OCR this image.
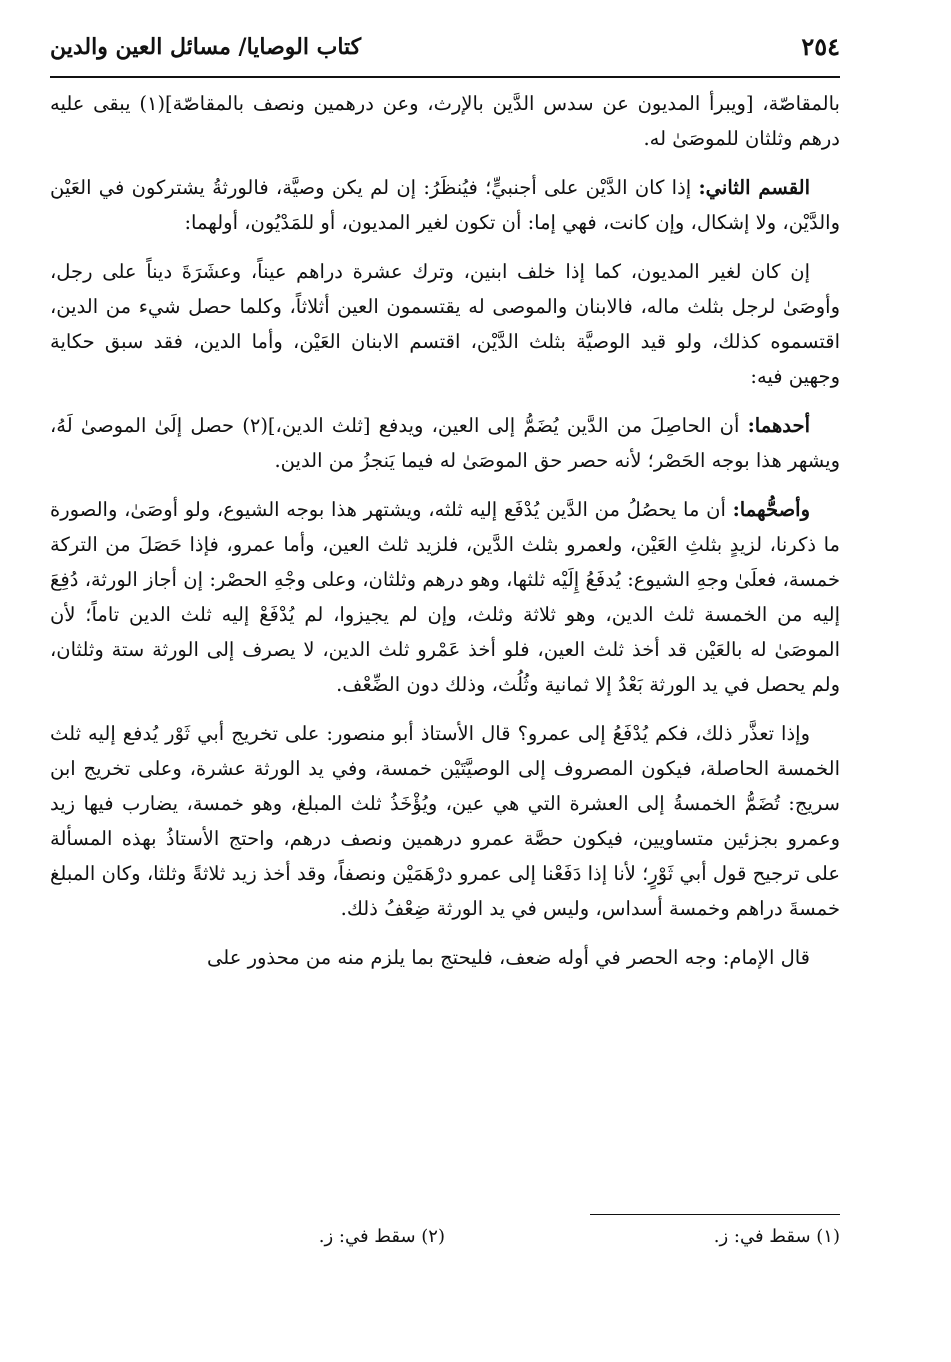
٢٥٤
كتاب الوصايا/ مسائل العين والدين

بالمقاصّة، [ويبرأ المديون عن سدس الدَّين بالإرث، وعن درهمين ونصف بالمقاصّة](١) يبقى عليه درهم وثلثان للموصَىٰ له.

القسم الثاني: إذا كان الدَّيْن على أجنبيٍّ؛ فيُنظَرُ: إن لم يكن وصيَّة، فالورثةُ يشتركون في العَيْن والدَّيْن، ولا إشكال، وإن كانت، فهي إما: أن تكون لغير المديون، أو للمَدْيُون، أولهما:

إن كان لغير المديون، كما إذا خلف ابنين، وترك عشرة دراهم عيناً، وعشَرَةَ ديناً على رجل، وأوصَىٰ لرجل بثلث ماله، فالابنان والموصى له يقتسمون العين أثلاثاً، وكلما حصل شيء من الدين، اقتسموه كذلك، ولو قيد الوصيَّة بثلث الدَّيْن، اقتسم الابنان العَيْن، وأما الدين، فقد سبق حكاية وجهين فيه:

أحدهما: أن الحاصِلَ من الدَّين يُضَمُّ إلى العين، ويدفع [ثلث الدين،](٢) حصل إلَىٰ الموصىٰ لَهُ، ويشهر هذا بوجه الحَصْر؛ لأنه حصر حق الموصَىٰ له فيما يَنجزُ من الدين.

وأصحُّهما: أن ما يحصُلُ من الدَّين يُدْفَع إليه ثلثه، ويشتهر هذا بوجه الشيوع، ولو أوصَىٰ، والصورة ما ذكرنا، لزيدٍ بثلثِ العَيْن، ولعمرو بثلث الدَّين، فلزيد ثلث العين، وأما عمرو، فإذا حَصَلَ من التركة خمسة، فعلَىٰ وجهِ الشيوع: يُدفَعُ إِلَيْه ثلثها، وهو درهم وثلثان، وعلى وجْهِ الحصْر: إن أجاز الورثة، دُفِعَ إليه من الخمسة ثلث الدين، وهو ثلاثة وثلث، وإن لم يجيزوا، لم يُدْفَعْ إليه ثلث الدين تاماً؛ لأن الموصَىٰ له بالعَيْن قد أخذ ثلث العين، فلو أخذ عَمْرو ثلث الدين، لا يصرف إلى الورثة ستة وثلثان، ولم يحصل في يد الورثة بَعْدُ إلا ثمانية وثُلُث، وذلك دون الضِّعْف.

وإذا تعذَّر ذلك، فكم يُدْفَعُ إلى عمرو؟ قال الأستاذ أبو منصور: على تخريج أبي ثَوْر يُدفع إليه ثلث الخمسة الحاصلة، فيكون المصروف إلى الوصيَّتَيْن خمسة، وفي يد الورثة عشرة، وعلى تخريج ابن سريج: تُضَمُّ الخمسةُ إلى العشرة التي هي عين، ويُؤْخَذُ ثلث المبلغ، وهو خمسة، يضارب فيها زيد وعمرو بجزئين متساويين، فيكون حصَّة عمرو درهمين ونصف درهم، واحتج الأستاذُ بهذه المسألة على ترجيح قول أبي ثَوْرٍ؛ لأنا إذا دَفَعْنا إلى عمرو درْهَمَيْن ونصفاً، وقد أخذ زيد ثلاثةً وثلثا، وكان المبلغ خمسةَ دراهم وخمسة أسداس، وليس في يد الورثة ضِعْفُ ذلك.

قال الإمام: وجه الحصر في أوله ضعف، فليحتج بما يلزم منه من محذور على

(١) سقط في: ز.
(٢) سقط في: ز.
